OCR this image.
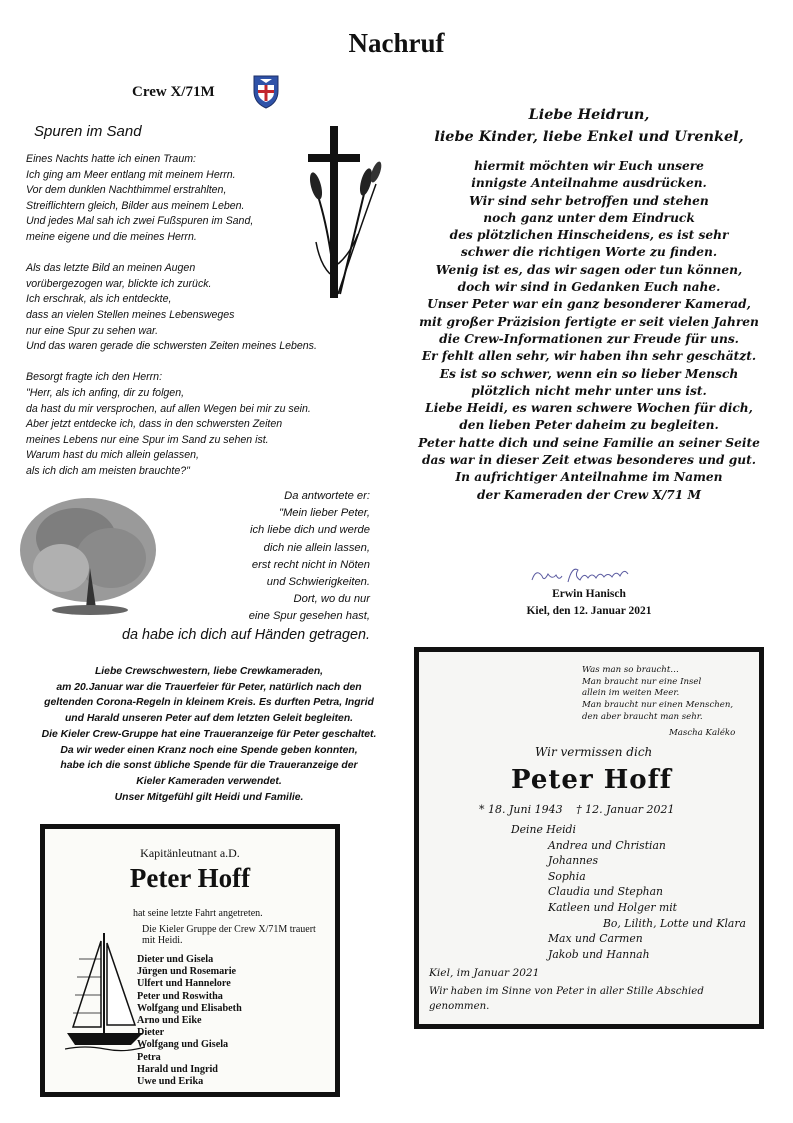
Nachruf
Crew X/71M
Spuren im Sand
Eines Nachts hatte ich einen Traum:
Ich ging am Meer entlang mit meinem Herrn.
Vor dem dunklen Nachthimmel erstrahlten,
Streiflichtern gleich, Bilder aus meinem Leben.
Und jedes Mal sah ich zwei Fußspuren im Sand,
meine eigene und die meines Herrn.
Als das letzte Bild an meinen Augen
vorübergezogen war, blickte ich zurück.
Ich erschrak, als ich entdeckte,
dass an vielen Stellen meines Lebensweges
nur eine Spur zu sehen war.
Und das waren gerade die schwersten Zeiten meines Lebens.
Besorgt fragte ich den Herrn:
"Herr, als ich anfing, dir zu folgen,
da hast du mir versprochen, auf allen Wegen bei mir zu sein.
Aber jetzt entdecke ich, dass in den schwersten Zeiten
meines Lebens nur eine Spur im Sand zu sehen ist.
Warum hast du mich allein gelassen,
als ich dich am meisten brauchte?"
Da antwortete er:
"Mein lieber Peter,
ich liebe dich und werde
dich nie allein lassen,
erst recht nicht in Nöten
und Schwierigkeiten.
Dort, wo du nur
eine Spur gesehen hast,
da habe ich dich auf Händen getragen.
Liebe Heidrun,
liebe Kinder, liebe Enkel und Urenkel,
hiermit möchten wir Euch unsere
innigste Anteilnahme ausdrücken.
Wir sind sehr betroffen und stehen
noch ganz unter dem Eindruck
des plötzlichen Hinscheidens, es ist sehr
schwer die richtigen Worte zu finden.
Wenig ist es, das wir sagen oder tun können,
doch wir sind in Gedanken Euch nahe.
Unser Peter war ein ganz besonderer Kamerad,
mit großer Präzision fertigte er seit vielen Jahren
die Crew-Informationen zur Freude für uns.
Er fehlt allen sehr, wir haben ihn sehr geschätzt.
Es ist so schwer, wenn ein so lieber Mensch
plötzlich nicht mehr unter uns ist.
Liebe Heidi, es waren schwere Wochen für dich,
den lieben Peter daheim zu begleiten.
Peter hatte dich und seine Familie an seiner Seite
das war in dieser Zeit etwas besonderes und gut.
In aufrichtiger Anteilnahme im Namen
der Kameraden der Crew X/71 M
Erwin Hanisch
Kiel, den 12. Januar 2021
Liebe Crewschwestern, liebe Crewkameraden,
am 20.Januar war die Trauerfeier für Peter, natürlich nach den
geltenden Corona-Regeln in kleinem Kreis. Es durften Petra, Ingrid
und Harald unseren Peter auf dem letzten Geleit begleiten.
Die Kieler Crew-Gruppe hat eine Traueranzeige für Peter geschaltet.
Da wir weder einen Kranz noch eine Spende geben konnten,
habe ich die sonst übliche Spende für die Traueranzeige der
Kieler Kameraden verwendet.
Unser Mitgefühl gilt Heidi und Familie.
Kapitänleutnant a.D.
Peter Hoff
hat seine letzte Fahrt angetreten.
Die Kieler Gruppe der Crew X/71M trauert mit Heidi.
Dieter und Gisela
Jürgen und Rosemarie
Ulfert und Hannelore
Peter und Roswitha
Wolfgang und Elisabeth
Arno und Eike
Dieter
Wolfgang und Gisela
Petra
Harald und Ingrid
Uwe und Erika
Was man so braucht…
Man braucht nur eine Insel
allein im weiten Meer.
Man braucht nur einen Menschen,
den aber braucht man sehr.
Mascha Kaléko
Wir vermissen dich
Peter Hoff
* 18. Juni 1943 † 12. Januar 2021
Deine Heidi
Andrea und Christian
Johannes
Sophia
Claudia und Stephan
Katleen und Holger mit
Bo, Lilith, Lotte und Klara
Max und Carmen
Jakob und Hannah
Kiel, im Januar 2021
Wir haben im Sinne von Peter in aller Stille Abschied genommen.
